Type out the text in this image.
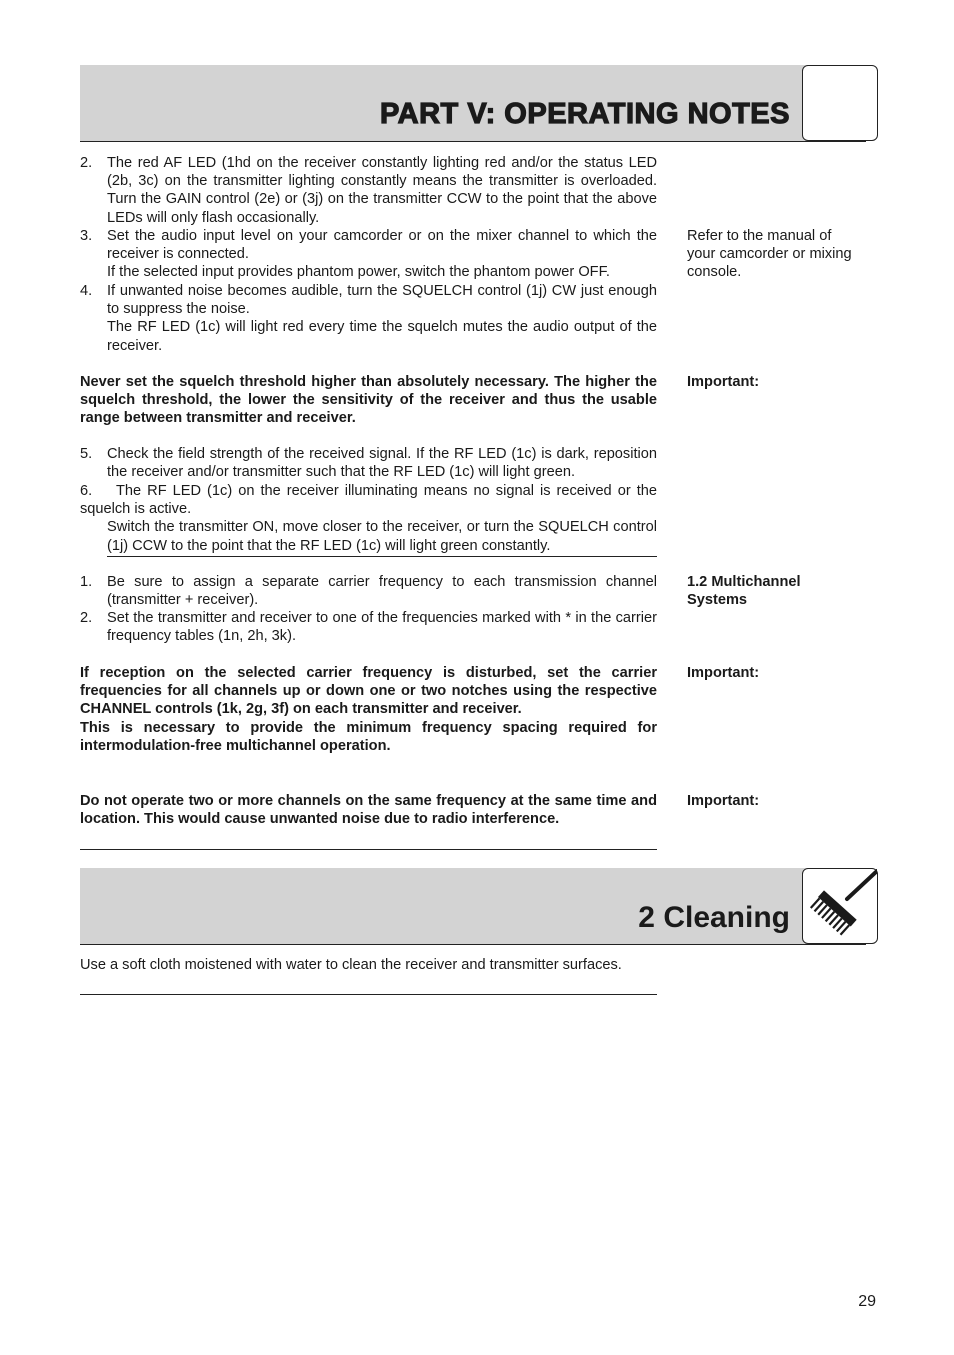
PART V: OPERATING NOTES
2. The red AF LED (1hd on the receiver constantly lighting red and/or the status LED (2b, 3c) on the transmitter lighting constantly means the transmitter is overloaded. Turn the GAIN control (2e) or (3j) on the transmitter CCW to the point that the above LEDs will only flash occasionally.
3. Set the audio input level on your camcorder or on the mixer channel to which the receiver is connected.
If the selected input provides phantom power, switch the phantom power OFF.
4. If unwanted noise becomes audible, turn the SQUELCH control (1j) CW just enough to suppress the noise.
The RF LED (1c) will light red every time the squelch mutes the audio output of the receiver.
Refer to the manual of your camcorder or mixing console.
Never set the squelch threshold higher than absolutely necessary. The higher the squelch threshold, the lower the sensitivity of the receiver and thus the usable range between transmitter and receiver.
Important:
5. Check the field strength of the received signal. If the RF LED (1c) is dark, reposition the receiver and/or transmitter such that the RF LED (1c) will light green.
6. The RF LED (1c) on the receiver illuminating means no signal is received or the squelch is active.
Switch the transmitter ON, move closer to the receiver, or turn the SQUELCH control (1j) CCW to the point that the RF LED (1c) will light green constantly.
1.2 Multichannel
Systems
1. Be sure to assign a separate carrier frequency to each transmission channel (transmitter + receiver).
2. Set the transmitter and receiver to one of the frequencies marked with * in the carrier frequency tables (1n, 2h, 3k).
If reception on the selected carrier frequency is disturbed, set the carrier frequencies for all channels up or down one or two notches using the respective CHANNEL controls (1k, 2g, 3f) on each transmitter and receiver.
This is necessary to provide the minimum frequency spacing required for intermodulation-free multichannel operation.
Important:
Do not operate two or more channels on the same frequency at the same time and location. This would cause unwanted noise due to radio interference.
Important:
2 Cleaning
Use a soft cloth moistened with water to clean the receiver and transmitter surfaces.
29
